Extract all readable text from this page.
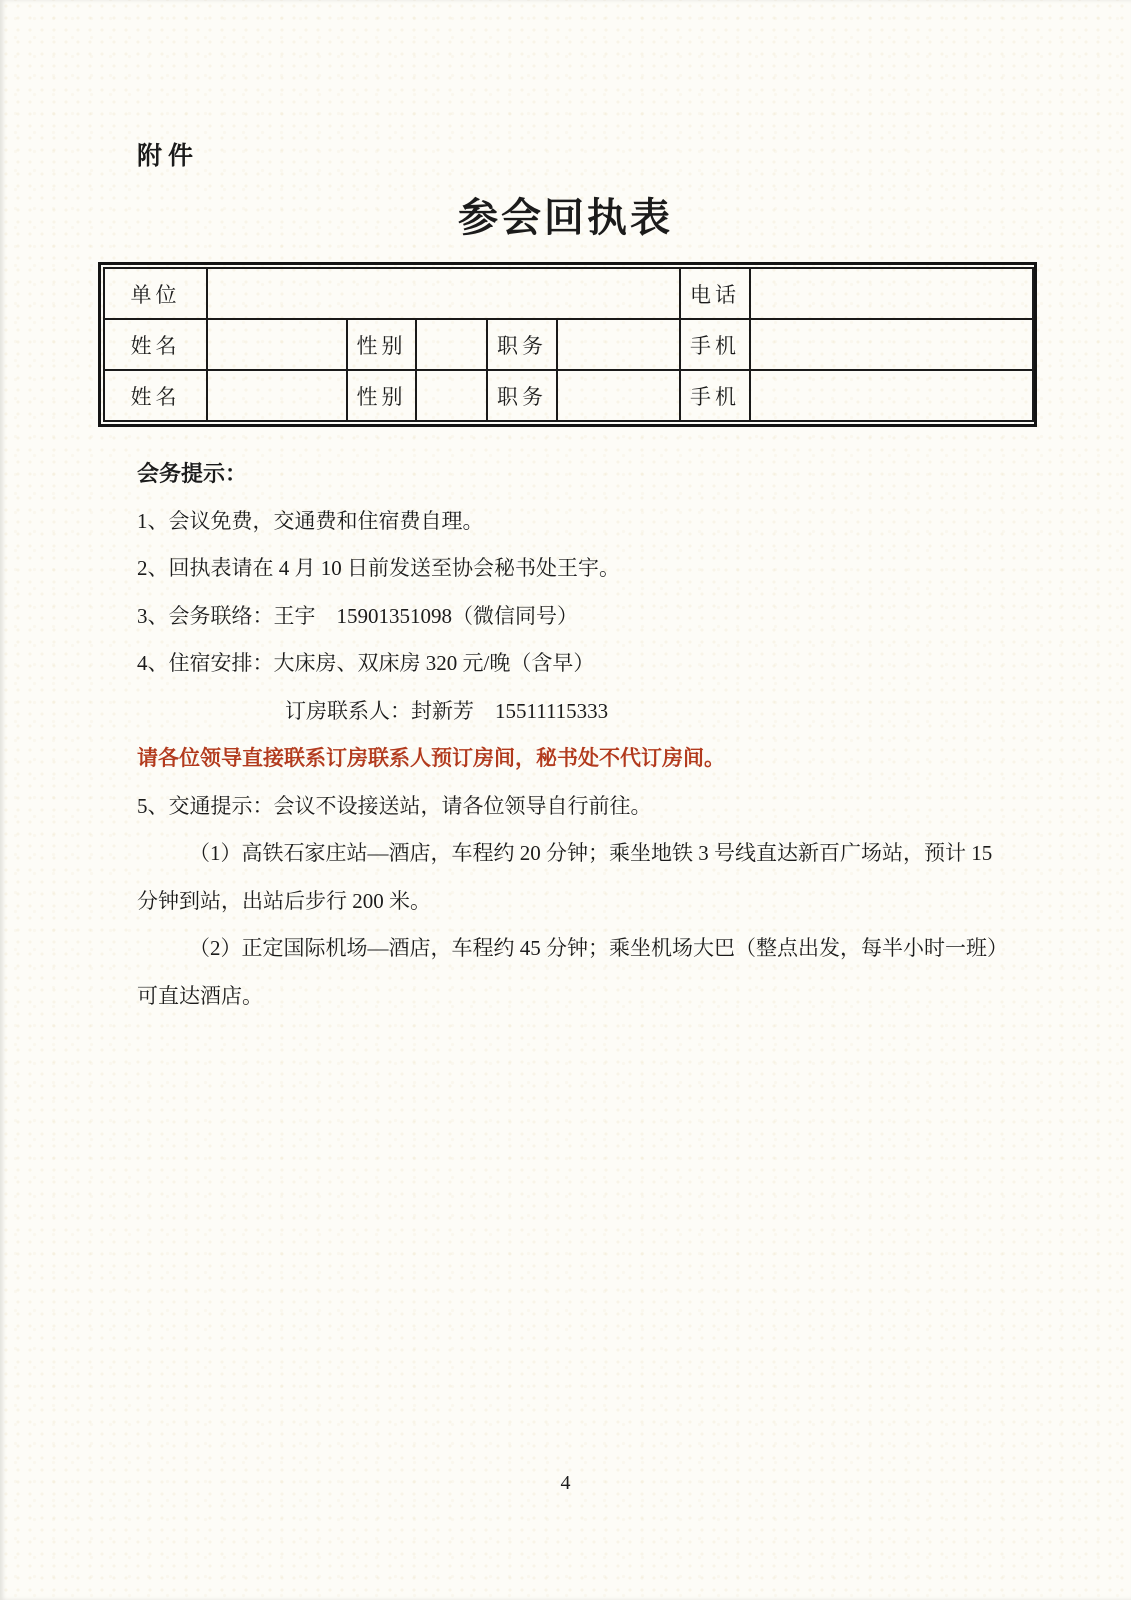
附件
参会回执表
单位						电话	
姓名		性别		职务		手机	
姓名		性别		职务		手机	

会务提示：

1、会议免费，交通费和住宿费自理。

2、回执表请在 4 月 10 日前发送至协会秘书处王宇。

3、会务联络：王宇　15901351098（微信同号）

4、住宿安排：大床房、双床房 320 元/晚（含早）

订房联系人：封新芳　15511115333

请各位领导直接联系订房联系人预订房间，秘书处不代订房间。

5、交通提示：会议不设接送站，请各位领导自行前往。

（1）高铁石家庄站—酒店，车程约 20 分钟；乘坐地铁 3 号线直达新百广场站，预计 15 分钟到站，出站后步行 200 米。

（2）正定国际机场—酒店，车程约 45 分钟；乘坐机场大巴（整点出发，每半小时一班）可直达酒店。

4
